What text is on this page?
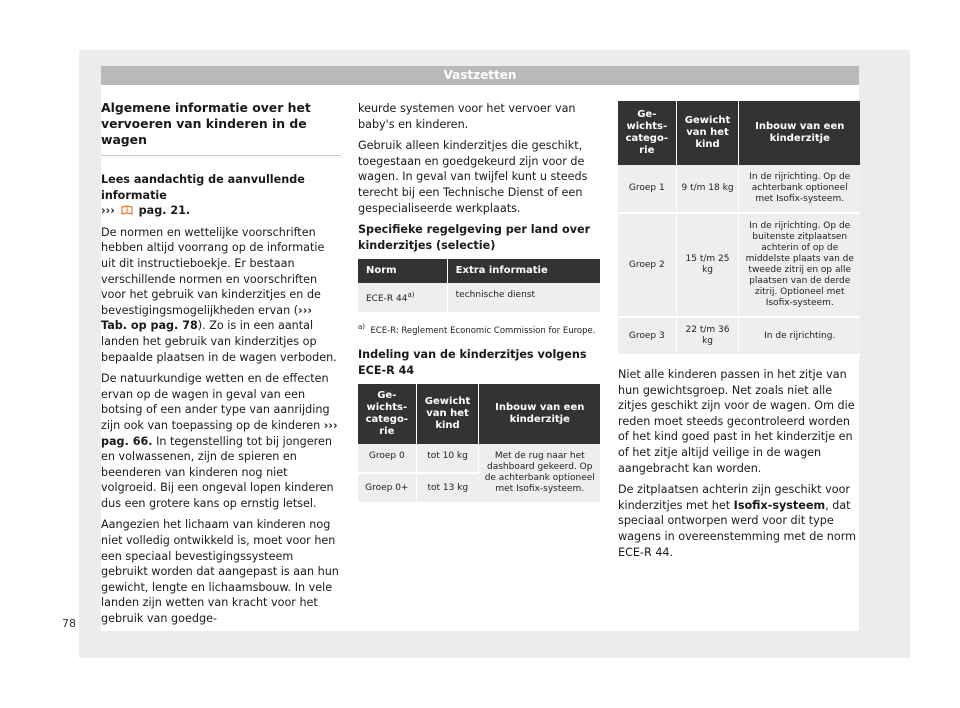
Vastzetten
Algemene informatie over het vervoeren van kinderen in de wagen

Lees aandachtig de aanvullende informatie
››› pag. 21.

De normen en wettelijke voorschriften hebben altijd voorrang op de informatie uit dit instructieboekje. Er bestaan verschillende normen en voorschriften voor het gebruik van kinderzitjes en de bevestigingsmogelijkheden ervan (››› Tab. op pag. 78). Zo is in een aantal landen het gebruik van kinderzitjes op bepaalde plaatsen in de wagen verboden.

De natuurkundige wetten en de effecten ervan op de wagen in geval van een botsing of een ander type van aanrijding zijn ook van toepassing op de kinderen ››› pag. 66. In tegenstelling tot bij jongeren en volwassenen, zijn de spieren en beenderen van kinderen nog niet volgroeid. Bij een ongeval lopen kinderen dus een grotere kans op ernstig letsel.

Aangezien het lichaam van kinderen nog niet volledig ontwikkeld is, moet voor hen een speciaal bevestigingssysteem gebruikt worden dat aangepast is aan hun gewicht, lengte en lichaamsbouw. In vele landen zijn wetten van kracht voor het gebruik van goedge-

keurde systemen voor het vervoer van baby's en kinderen.

Gebruik alleen kinderzitjes die geschikt, toegestaan en goedgekeurd zijn voor de wagen. In geval van twijfel kunt u steeds terecht bij een Technische Dienst of een gespecialiseerde werkplaats.

Specifieke regelgeving per land over kinderzitjes (selectie)
Norm	Extra informatie
ECE-R 44$^{a)}$	technische dienst
$^{a)}$ ECE-R: Reglement Economic Commission for Europe.
Indeling van de kinderzitjes volgens ECE-R 44
Gewichtscategorie	Gewicht van het kind	Inbouw van een kinderzitje
Groep 0	tot 10 kg	Met de rug naar het dashboard gekeerd. Op de achterbank optioneel met Isofix-systeem.
Groep 0+	tot 13 kg	
Gewichtscategorie	Gewicht van het kind	Inbouw van een kinderzitje
Groep 1	9 t/m 18 kg	In de rijrichting. Op de achterbank optioneel met Isofix-systeem.
Groep 2	15 t/m 25 kg	In de rijrichting. Op de buitenste zitplaatsen achterin of op de middelste plaats van de tweede zitrij en op alle plaatsen van de derde zitrij. Optioneel met Isofix-systeem.
Groep 3	22 t/m 36 kg	In de rijrichting.

Niet alle kinderen passen in het zitje van hun gewichtsgroep. Net zoals niet alle zitjes geschikt zijn voor de wagen. Om die reden moet steeds gecontroleerd worden of het kind goed past in het kinderzitje en of het zitje altijd veilige in de wagen aangebracht kan worden.

De zitplaatsen achterin zijn geschikt voor kinderzitjes met het Isofix-systeem, dat speciaal ontworpen werd voor dit type wagens in overeenstemming met de norm ECE-R 44.

78
